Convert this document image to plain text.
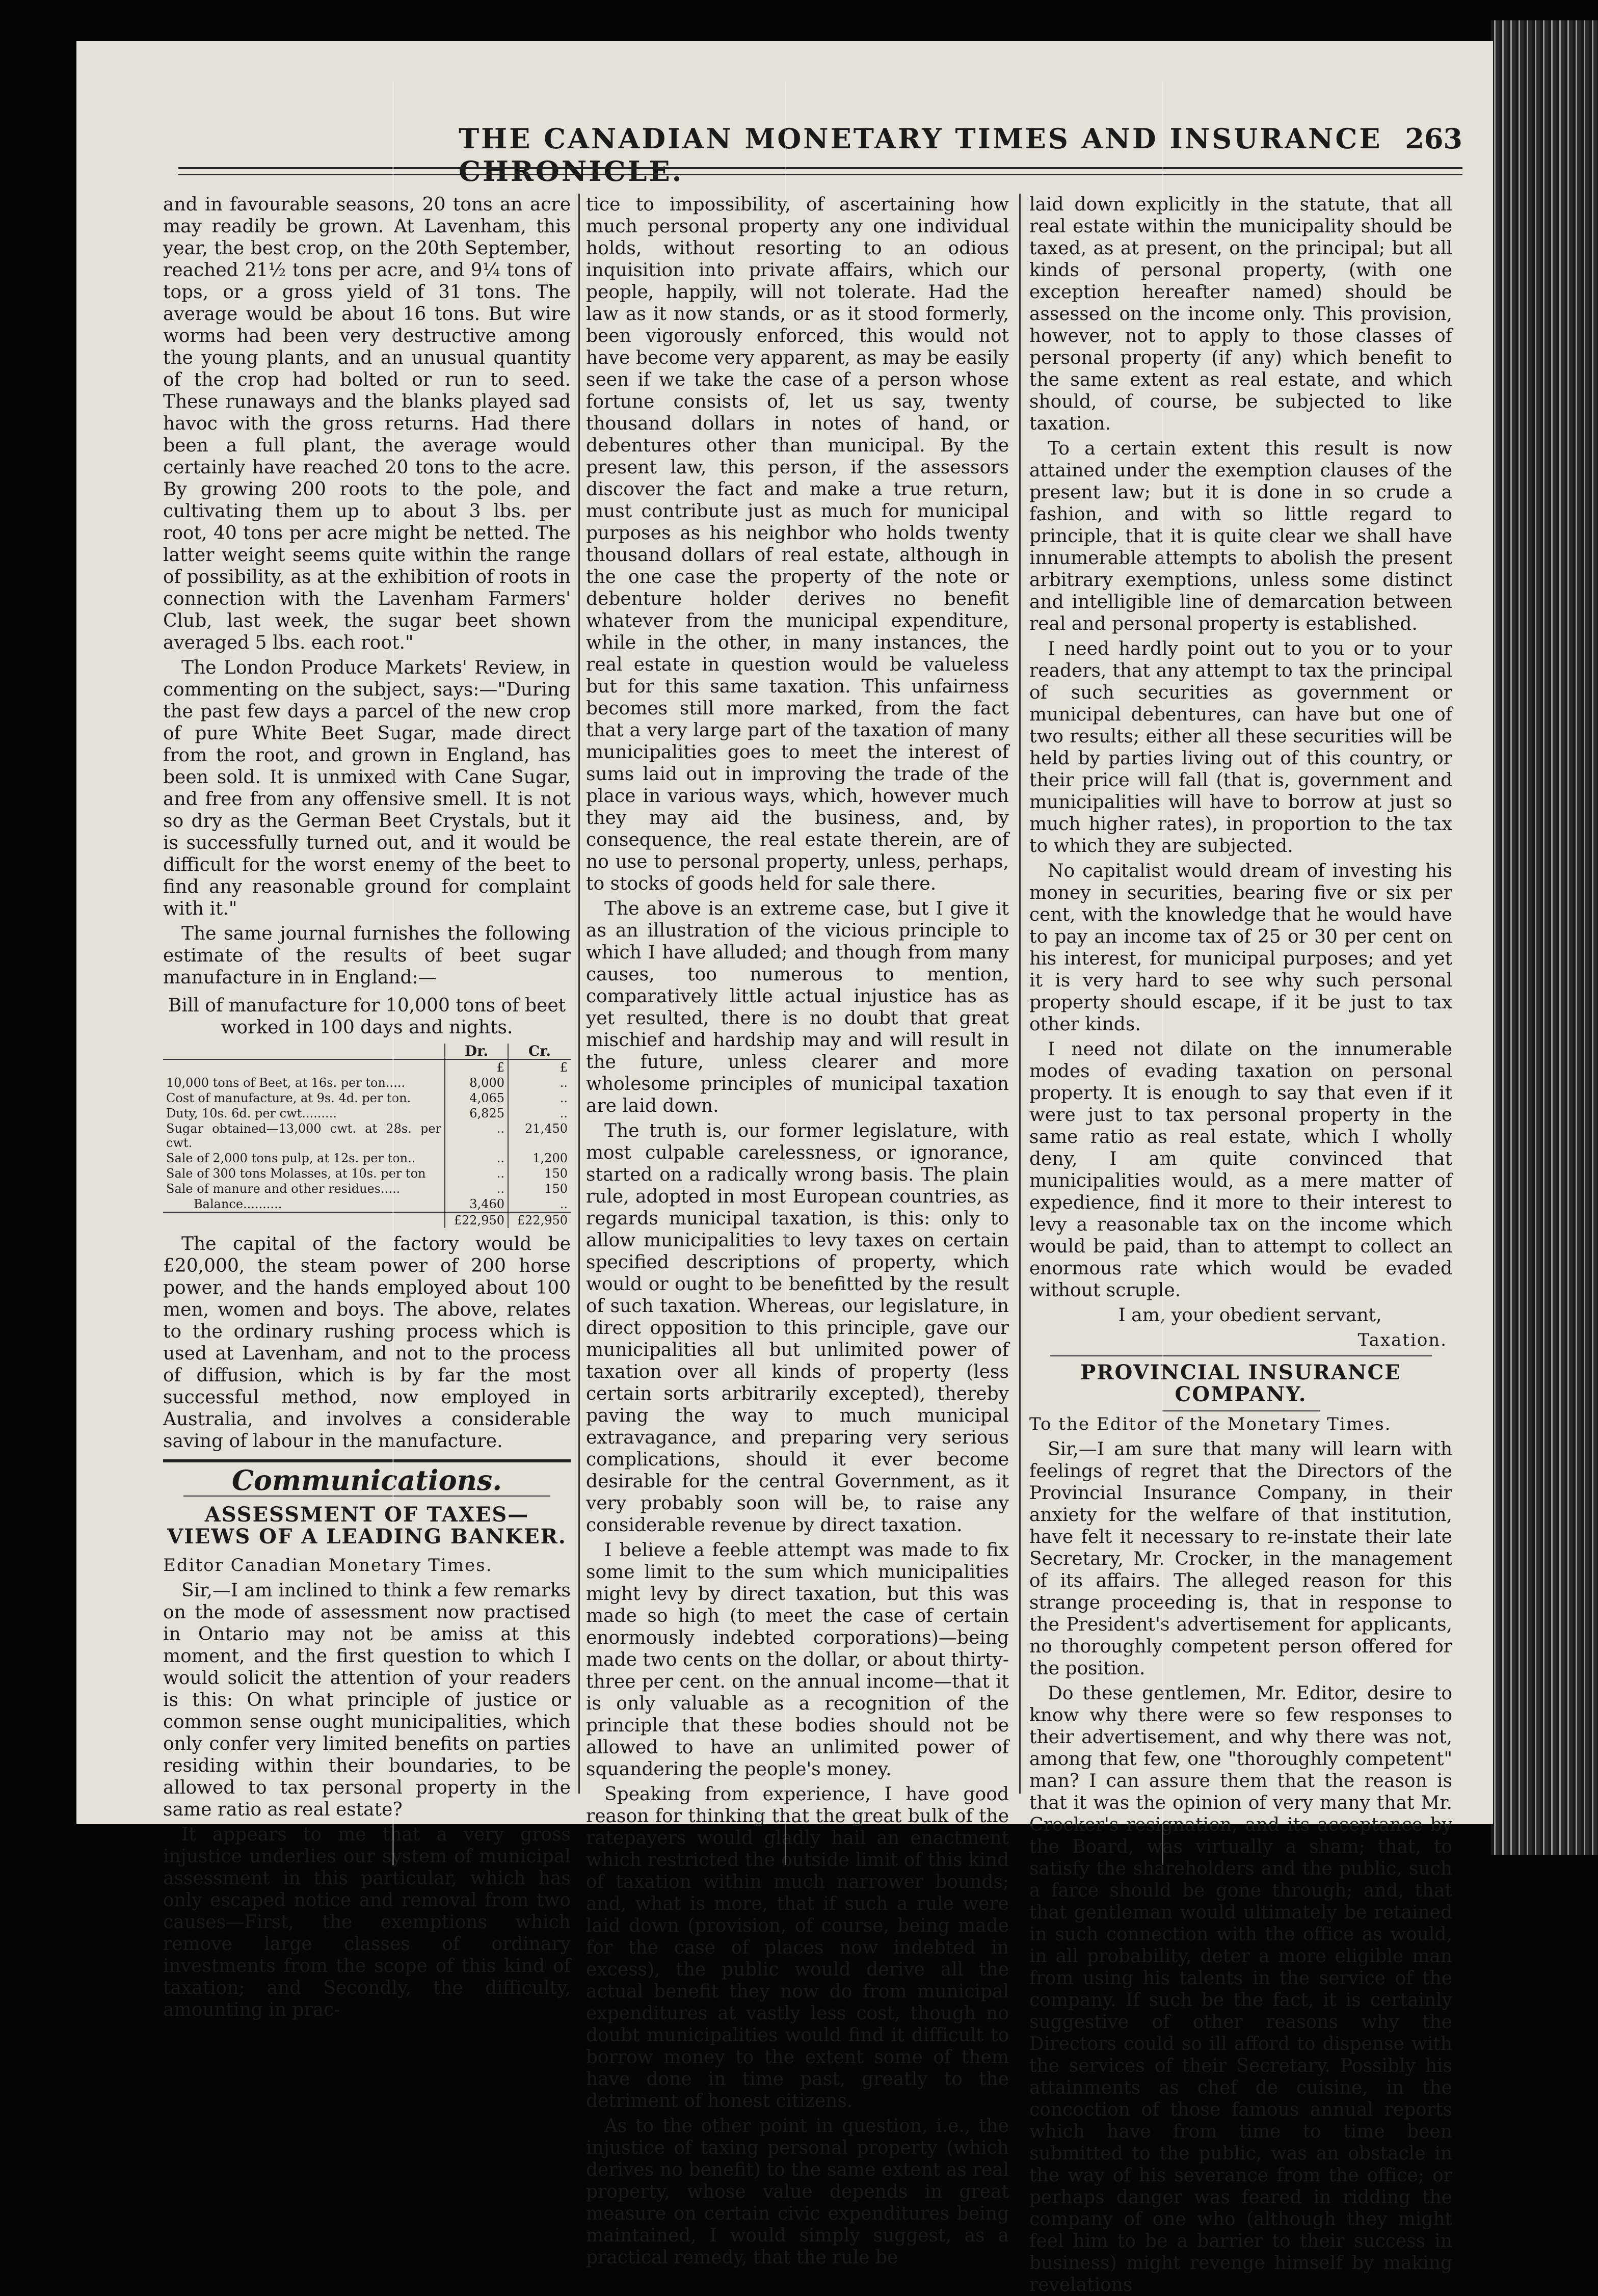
THE CANADIAN MONETARY TIMES AND INSURANCE CHRONICLE.
263

and in favourable seasons, 20 tons an acre may readily be grown. At Lavenham, this year, the best crop, on the 20th September, reached 21½ tons per acre, and 9¼ tons of tops, or a gross yield of 31 tons. The average would be about 16 tons. But wire worms had been very destructive among the young plants, and an unusual quantity of the crop had bolted or run to seed. These runaways and the blanks played sad havoc with the gross returns. Had there been a full plant, the average would certainly have reached 20 tons to the acre. By growing 200 roots to the pole, and cultivating them up to about 3 lbs. per root, 40 tons per acre might be netted. The latter weight seems quite within the range of possibility, as at the exhibition of roots in connection with the Lavenham Farmers' Club, last week, the sugar beet shown averaged 5 lbs. each root."

The London Produce Markets' Review, in commenting on the subject, says:—"During the past few days a parcel of the new crop of pure White Beet Sugar, made direct from the root, and grown in England, has been sold. It is unmixed with Cane Sugar, and free from any offensive smell. It is not so dry as the German Beet Crystals, but it is successfully turned out, and it would be difficult for the worst enemy of the beet to find any reasonable ground for complaint with it."

The same journal furnishes the following estimate of the results of beet sugar manufacture in in England:—

Bill of manufacture for 10,000 tons of beet worked in 100 days and nights.

	Dr.	Cr.
	£	£
10,000 tons of Beet, at 16s. per ton.....	8,000	..
Cost of manufacture, at 9s. 4d. per ton.	4,065	..
Duty, 10s. 6d. per cwt.........	6,825	..
Sugar obtained—13,000 cwt. at 28s. per cwt.	..	21,450
Sale of 2,000 tons pulp, at 12s. per ton..	..	1,200
Sale of 300 tons Molasses, at 10s. per ton	..	150
Sale of manure and other residues.....	..	150
Balance..........	3,460	..
	£22,950	£22,950

The capital of the factory would be £20,000, the steam power of 200 horse power, and the hands employed about 100 men, women and boys. The above, relates to the ordinary rushing process which is used at Lavenham, and not to the process of diffusion, which is by far the most successful method, now employed in Australia, and involves a considerable saving of labour in the manufacture.

Communications.
ASSESSMENT OF TAXES—VIEWS OF A LEADING BANKER.

Editor Canadian Monetary Times.

Sir,—I am inclined to think a few remarks on the mode of assessment now practised in Ontario may not be amiss at this moment, and the first question to which I would solicit the attention of your readers is this: On what principle of justice or common sense ought municipalities, which only confer very limited benefits on parties residing within their boundaries, to be allowed to tax personal property in the same ratio as real estate?

It appears to me that a very gross injustice underlies our system of municipal assessment in this particular, which has only escaped notice and removal from two causes—First, the exemptions which remove large classes of ordinary investments from the scope of this kind of taxation; and Secondly, the difficulty, amounting in prac-

tice to impossibility, of ascertaining how much personal property any one individual holds, without resorting to an odious inquisition into private affairs, which our people, happily, will not tolerate. Had the law as it now stands, or as it stood formerly, been vigorously enforced, this would not have become very apparent, as may be easily seen if we take the case of a person whose fortune consists of, let us say, twenty thousand dollars in notes of hand, or debentures other than municipal. By the present law, this person, if the assessors discover the fact and make a true return, must contribute just as much for municipal purposes as his neighbor who holds twenty thousand dollars of real estate, although in the one case the property of the note or debenture holder derives no benefit whatever from the municipal expenditure, while in the other, in many instances, the real estate in question would be valueless but for this same taxation. This unfairness becomes still more marked, from the fact that a very large part of the taxation of many municipalities goes to meet the interest of sums laid out in improving the trade of the place in various ways, which, however much they may aid the business, and, by consequence, the real estate therein, are of no use to personal property, unless, perhaps, to stocks of goods held for sale there.

The above is an extreme case, but I give it as an illustration of the vicious principle to which I have alluded; and though from many causes, too numerous to mention, comparatively little actual injustice has as yet resulted, there is no doubt that great mischief and hardship may and will result in the future, unless clearer and more wholesome principles of municipal taxation are laid down.

The truth is, our former legislature, with most culpable carelessness, or ignorance, started on a radically wrong basis. The plain rule, adopted in most European countries, as regards municipal taxation, is this: only to allow municipalities to levy taxes on certain specified descriptions of property, which would or ought to be benefitted by the result of such taxation. Whereas, our legislature, in direct opposition to this principle, gave our municipalities all but unlimited power of taxation over all kinds of property (less certain sorts arbitrarily excepted), thereby paving the way to much municipal extravagance, and preparing very serious complications, should it ever become desirable for the central Government, as it very probably soon will be, to raise any considerable revenue by direct taxation.

I believe a feeble attempt was made to fix some limit to the sum which municipalities might levy by direct taxation, but this was made so high (to meet the case of certain enormously indebted corporations)—being made two cents on the dollar, or about thirty-three per cent. on the annual income—that it is only valuable as a recognition of the principle that these bodies should not be allowed to have an unlimited power of squandering the people's money.

Speaking from experience, I have good reason for thinking that the great bulk of the ratepayers would gladly hail an enactment which restricted the outside limit of this kind of taxation within much narrower bounds; and, what is more, that if such a rule were laid down (provision, of course, being made for the case of places now indebted in excess), the public would derive all the actual benefit they now do from municipal expenditures at vastly less cost, though no doubt municipalities would find it difficult to borrow money to the extent some of them have done in time past, greatly to the detriment of honest citizens.

As to the other point in question, i.e., the injustice of taxing personal property (which derives no benefit) to the same extent as real property, whose value depends in great measure on certain civic expenditures being maintained, I would simply suggest, as a practical remedy, that the rule be

laid down explicitly in the statute, that all real estate within the municipality should be taxed, as at present, on the principal; but all kinds of personal property, (with one exception hereafter named) should be assessed on the income only. This provision, however, not to apply to those classes of personal property (if any) which benefit to the same extent as real estate, and which should, of course, be subjected to like taxation.

To a certain extent this result is now attained under the exemption clauses of the present law; but it is done in so crude a fashion, and with so little regard to principle, that it is quite clear we shall have innumerable attempts to abolish the present arbitrary exemptions, unless some distinct and intelligible line of demarcation between real and personal property is established.

I need hardly point out to you or to your readers, that any attempt to tax the principal of such securities as government or municipal debentures, can have but one of two results; either all these securities will be held by parties living out of this country, or their price will fall (that is, government and municipalities will have to borrow at just so much higher rates), in proportion to the tax to which they are subjected.

No capitalist would dream of investing his money in securities, bearing five or six per cent, with the knowledge that he would have to pay an income tax of 25 or 30 per cent on his interest, for municipal purposes; and yet it is very hard to see why such personal property should escape, if it be just to tax other kinds.

I need not dilate on the innumerable modes of evading taxation on personal property. It is enough to say that even if it were just to tax personal property in the same ratio as real estate, which I wholly deny, I am quite convinced that municipalities would, as a mere matter of expedience, find it more to their interest to levy a reasonable tax on the income which would be paid, than to attempt to collect an enormous rate which would be evaded without scruple.

I am, your obedient servant,

Taxation.

PROVINCIAL INSURANCE COMPANY.

To the Editor of the Monetary Times.

Sir,—I am sure that many will learn with feelings of regret that the Directors of the Provincial Insurance Company, in their anxiety for the welfare of that institution, have felt it necessary to re-instate their late Secretary, Mr. Crocker, in the management of its affairs. The alleged reason for this strange proceeding is, that in response to the President's advertisement for applicants, no thoroughly competent person offered for the position.

Do these gentlemen, Mr. Editor, desire to know why there were so few responses to their advertisement, and why there was not, among that few, one "thoroughly competent" man? I can assure them that the reason is that it was the opinion of very many that Mr. Crocker's resignation, and its acceptance by the Board, was virtually a sham; that, to satisfy the shareholders and the public, such a farce should be gone through; and, that that gentleman would ultimately be retained in such connection with the office as would, in all probability, deter a more eligible man from using his talents in the service of the company. If such be the fact, it is certainly suggestive of other reasons why the Directors could so ill afford to dispense with the services of their Secretary. Possibly his attainments as chef de cuisine, in the concoction of those famous annual reports which have from time to time been submitted to the public, was an obstacle in the way of his severance from the office; or perhaps danger was feared in ridding the company of one who (although they might feel him to be a barrier to their success in business) might revenge himself by making revelations
